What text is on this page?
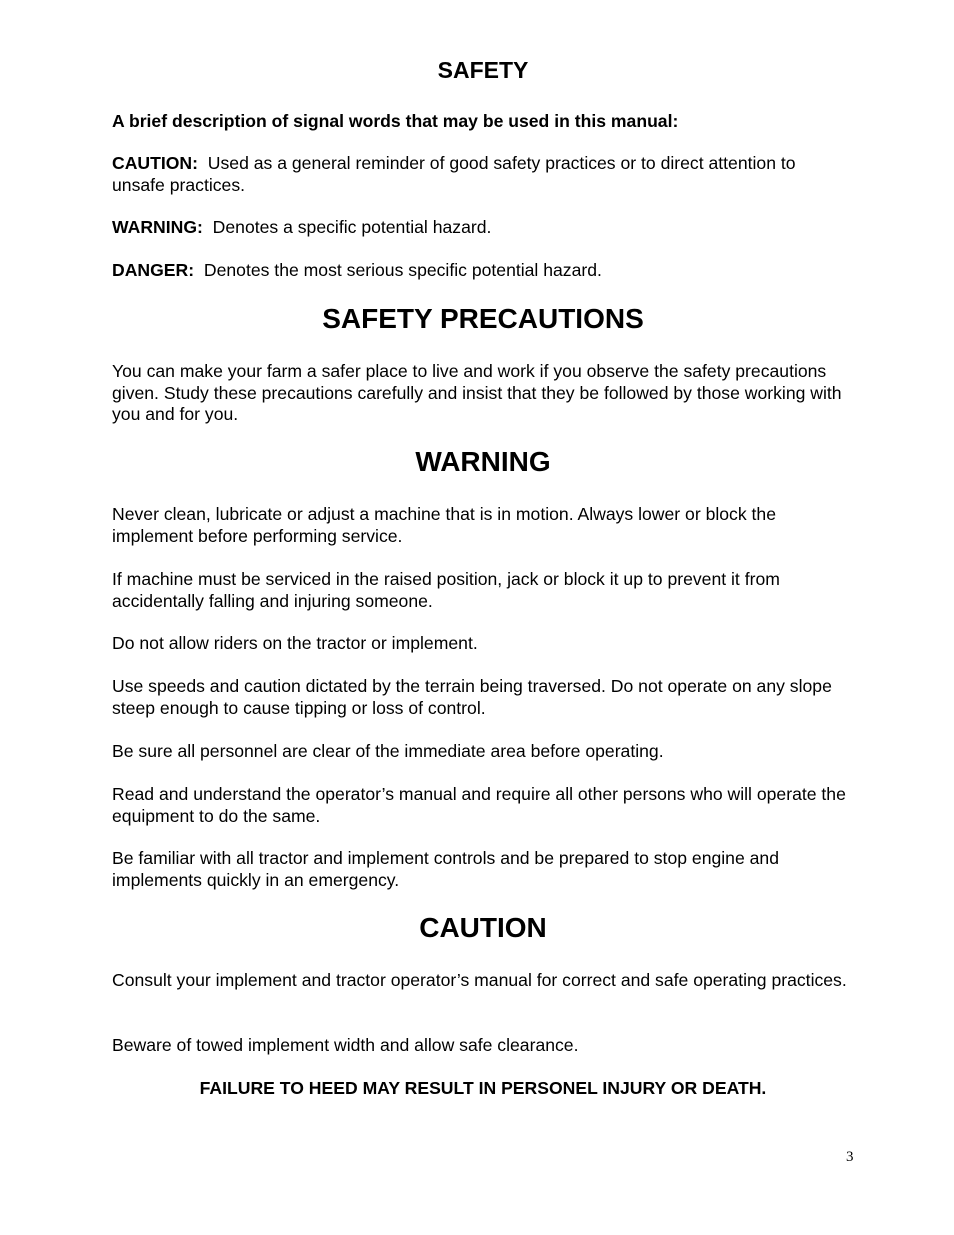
SAFETY

A brief description of signal words that may be used in this manual:

CAUTION: Used as a general reminder of good safety practices or to direct attention to unsafe practices.

WARNING: Denotes a specific potential hazard.

DANGER: Denotes the most serious specific potential hazard.

SAFETY PRECAUTIONS

You can make your farm a safer place to live and work if you observe the safety precautions given. Study these precautions carefully and insist that they be followed by those working with you and for you.

WARNING

Never clean, lubricate or adjust a machine that is in motion. Always lower or block the implement before performing service.

If machine must be serviced in the raised position, jack or block it up to prevent it from accidentally falling and injuring someone.

Do not allow riders on the tractor or implement.

Use speeds and caution dictated by the terrain being traversed. Do not operate on any slope steep enough to cause tipping or loss of control.

Be sure all personnel are clear of the immediate area before operating.

Read and understand the operator’s manual and require all other persons who will operate the equipment to do the same.

Be familiar with all tractor and implement controls and be prepared to stop engine and implements quickly in an emergency.

CAUTION

Consult your implement and tractor operator’s manual for correct and safe operating practices.

Beware of towed implement width and allow safe clearance.

FAILURE TO HEED MAY RESULT IN PERSONEL INJURY OR DEATH.

3
